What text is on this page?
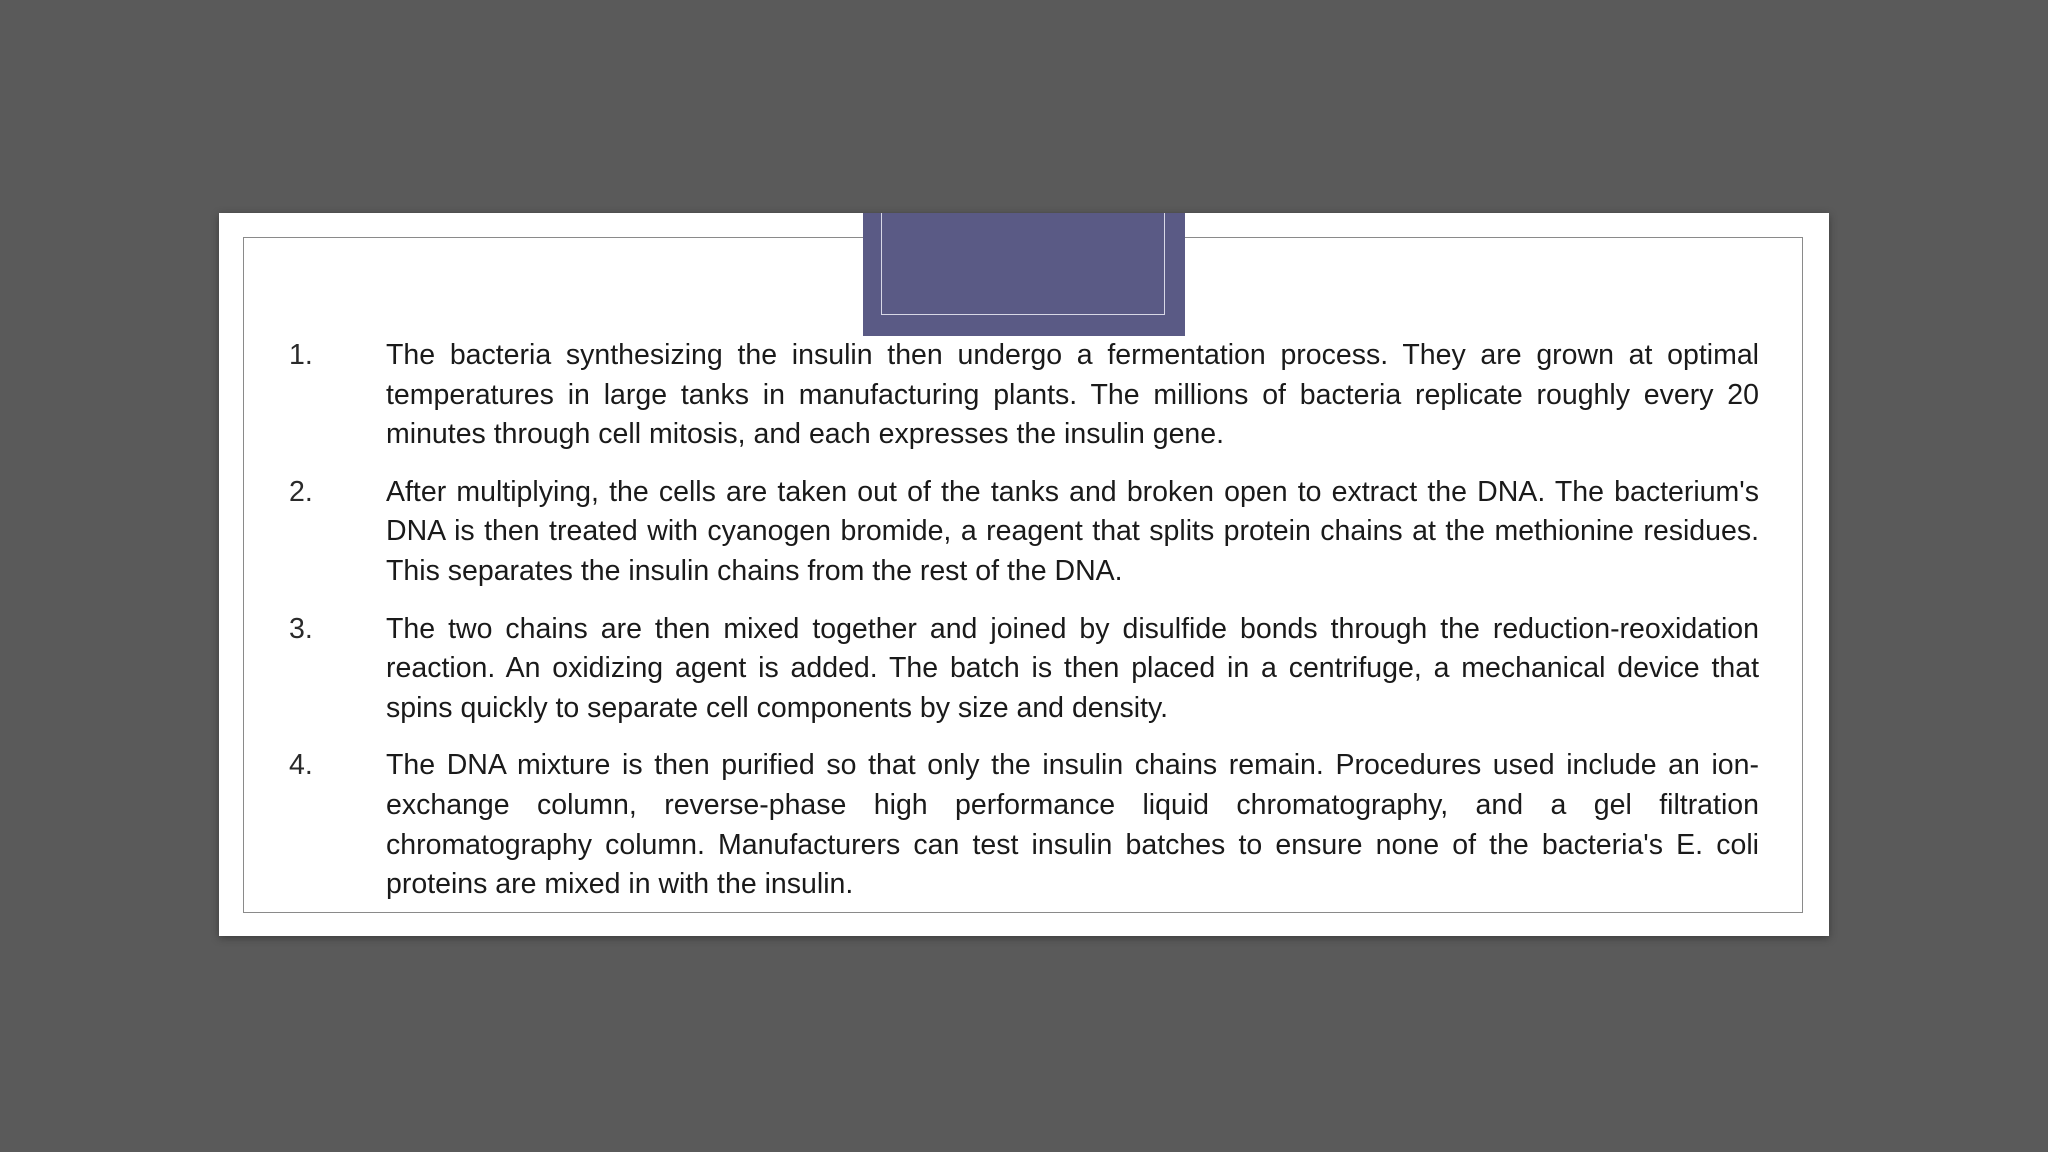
1.	The bacteria synthesizing the insulin then undergo a fermentation process. They are grown at optimal temperatures in large tanks in manufacturing plants. The millions of bacteria replicate roughly every 20 minutes through cell mitosis, and each expresses the insulin gene.
2.	After multiplying, the cells are taken out of the tanks and broken open to extract the DNA. The bacterium's DNA is then treated with cyanogen bromide, a reagent that splits protein chains at the methionine residues. This separates the insulin chains from the rest of the DNA.
3.	The two chains are then mixed together and joined by disulfide bonds through the reduction-reoxidation reaction. An oxidizing agent is added. The batch is then placed in a centrifuge, a mechanical device that spins quickly to separate cell components by size and density.
4.	The DNA mixture is then purified so that only the insulin chains remain. Procedures used include an ion-exchange column, reverse-phase high performance liquid chromatography, and a gel filtration chromatography column. Manufacturers can test insulin batches to ensure none of the bacteria's E. coli proteins are mixed in with the insulin.
